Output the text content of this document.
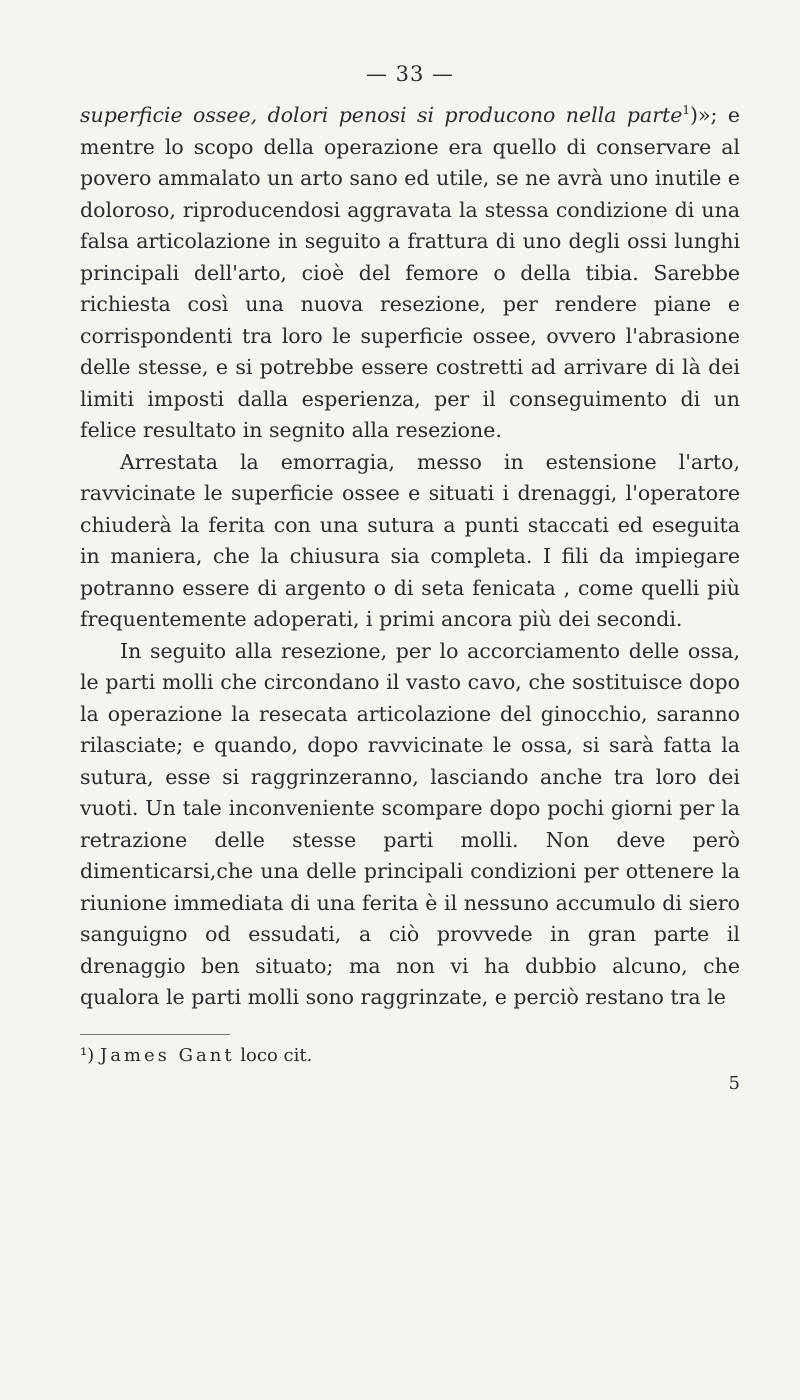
— 33 —

superficie ossee, dolori penosi si producono nella parte$^1$)»; e mentre lo scopo della operazione era quello di conservare al povero ammalato un arto sano ed utile, se ne avrà uno inutile e doloroso, riproducendosi aggravata la stessa condizione di una falsa articolazione in seguito a frattura di uno degli ossi lunghi principali dell'arto, cioè del femore o della tibia. Sarebbe richiesta così una nuova resezione, per rendere piane e corrispondenti tra loro le superficie ossee, ovvero l'abrasione delle stesse, e si potrebbe essere costretti ad arrivare di là dei limiti imposti dalla esperienza, per il conseguimento di un felice resultato in segnito alla resezione.

Arrestata la emorragia, messo in estensione l'arto, ravvicinate le superficie ossee e situati i drenaggi, l'operatore chiuderà la ferita con una sutura a punti staccati ed eseguita in maniera, che la chiusura sia completa. I fili da impiegare potranno essere di argento o di seta fenicata , come quelli più frequentemente adoperati, i primi ancora più dei secondi.

In seguito alla resezione, per lo accorciamento delle ossa, le parti molli che circondano il vasto cavo, che sostituisce dopo la operazione la resecata articolazione del ginocchio, saranno rilasciate; e quando, dopo ravvicinate le ossa, si sarà fatta la sutura, esse si raggrinzeranno, lasciando anche tra loro dei vuoti. Un tale inconveniente scompare dopo pochi giorni per la retrazione delle stesse parti molli. Non deve però dimenticarsi,che una delle principali condizioni per ottenere la riunione immediata di una ferita è il nessuno accumulo di siero sanguigno od essudati, a ciò provvede in gran parte il drenaggio ben situato; ma non vi ha dubbio alcuno, che qualora le parti molli sono raggrinzate, e perciò restano tra le

¹) James Gant loco cit.
5
